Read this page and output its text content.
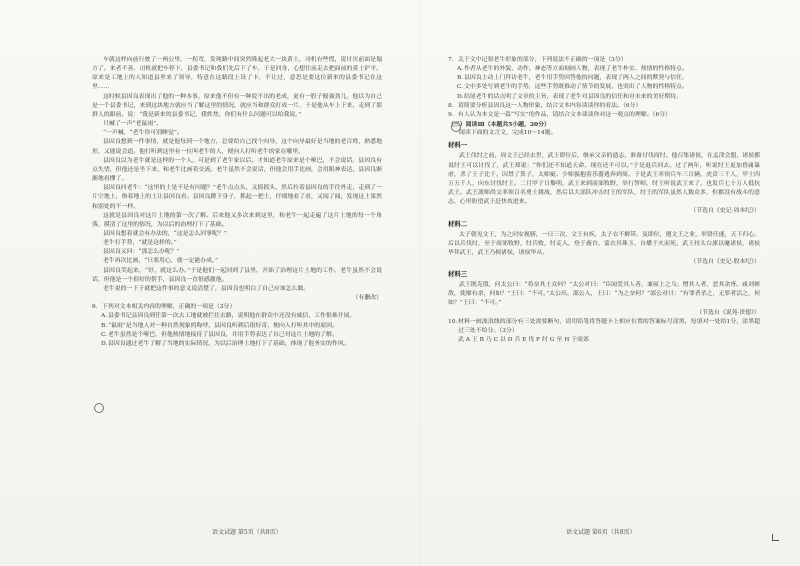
车就这样向前行驶了一两公里，一拐弯，发现路中间突然隆起老大一块黄土，司机有些慌，说讨厌前面是塌方了。来者不善，司机就把车停下，县委书记和我们先后下了车，于是回身，心想往前走去把面前的黄土铲平。原来是工地上的人知道县里来了领导，特意在这路段上设了卡，不让过，意思是要这位新来的县委书记在这里……

这时候县因良表现出了他的一种本事，原来他不但有一种说不出的老成，更有一股子倔强劲儿。他以为自己是一个县委书记，来到这块地方就应当了解这里的情况，就应当和群众打成一片，于是他从车上下来，走到了那群人的跟前，说：“我是新来的县委书记，我姓焦，你们有什么问题可以给我说。”

只喊了一声“老鼠雨”。

“一声喊，“老牛你可别睡觉”。

县因良想到一件事情，就是他每到一个地方，总要给自己找个向导，这个向导最好是当地的老百姓，熟悉地形，又能说会道。他打听到这里有一位叫老牛的人，便向人打听老牛的家在哪里。

县因良以为老牛就是这样的一个人，可是到了老牛家以后，才知道老牛原来是个哑巴，不会说话，县因良有点失望，但他还是坐下来，和老牛比画着交流。老牛虽然不会说话，但他会用手比画，会用眼神表达，县因良渐渐地看懂了。

县因良问老牛：“这里的土是不是有问题？”老牛点点头，又摇摇头，然后拉着县因良的手往外走，走到了一片空地上，指着地上的土让县因良看。县因良蹲下身子，抓起一把土，仔细地看了看，又闻了闻，发现这土果然和别处的不一样。

这就是县因良对这片土地的第一次了解。后来他又多次来到这里，和老牛一起走遍了这片土地的每一个角落，摸清了这里的情况，为以后的治理打下了基础。

县因良想着就会有办法的，“这是怎么回事呢？”

老牛打手势，“就是这样的。”

县因良又问：“那怎么办呢？”

老牛再次比画，“只要用心，就一定能办成。”

县因良笑起来，“好，就这么办。”于是他们一起回到了县里，开始了治理这片土地的工作。老牛虽然不会说话，但他是一个很好的帮手，县因良一直很感激他。

老牛说的一下子就把这件事的意义说清楚了，县因良也明白了自己应该怎么做。

（有删改）

6. 下列对文本相关内容的理解，正确的一项是（3分）

A. 县委书记县因良到任第一次去工地就被拦住去路，说明他在群众中还没有威信，工作很难开展。

B. “鼠雨”是当地人对一种自然现象的称呼，县因良听到后很好奇，便向人打听其中的原因。

C. 老牛虽然是个哑巴，但他热情地接待了县因良，并用手势表达了自己对这片土地的了解。

D. 县因良通过老牛了解了当地的实际情况，为以后治理土地打下了基础，体现了他务实的作风。

语文试题 第5页（共8页）

7. 关于文中记叙老牛形象的部分，下列说法不正确的一项是（3分）

A. 作者从老牛的外貌、动作、神态等方面刻画人物，表现了老牛朴实、热情的性格特点。

B. 县因良主动上门拜访老牛，老牛用手势回答他的问题，表现了两人之间的默契与信任。

C. 文中多处写到老牛的手势，这些手势既推动了情节的发展，也突出了人物的性格特点。

D. 结尾老牛的话点明了文章的主旨，表现了老牛对县因良的信任和对未来的美好期待。

8. 请简要分析县因良这一人物形象，结合文本内容谈谈你的看法。（6分）

9. 有人认为本文是一篇“写实”的作品，请结合文本谈谈你对这一观点的理解。（6分）

（三）阅读Ⅲ（本题共5小题，20分）

阅读下面的文言文，完成10～14题。

材料一

武王伐纣之前，周文王已经去世，武王即位后，继承父亲的遗志，准备讨伐商纣。他召集诸侯，在孟津会盟，诸侯都说纣王可以讨伐了，武王却说：“你们还不知道天命，现在还不可以。”于是退兵回去。过了两年，听说纣王更加昏庸暴虐，杀了王子比干，囚禁了箕子，太师疵、少师强抱着乐器逃奔到周。于是武王率领兵车三百辆，虎贲三千人，甲士四万五千人，向东讨伐纣王。二月甲子日黎明，武王来到商郊牧野，举行誓师，纣王听说武王来了，也发兵七十万人抵抗武王。武王派师尚父率领百名勇士挑战，然后以大部队冲击纣王的军队，纣王的军队虽然人数众多，但都没有战斗的意志，心里盼望武王赶快攻进来。

（节选自《史记·周本纪》）

材料二

太子朝见文王，为之问安视膳，一日三次，文王有疾，太子衣不解带。及即位，遵文王之业，举贤任能，天下归心。后以兵伐纣，至于商郊牧野，纣兵败，纣走入，登于鹿台，蒙衣其珠玉，自燔于火而死。武王持太白旗以麾诸侯，诸侯毕拜武王，武王乃揖诸侯，诸侯毕从。

（节选自《史记·殷本纪》）

材料三

武王既克殷，问太公曰：“将奈其士众何？”太公对曰：“臣闻爱其人者，兼屋上之乌；憎其人者，恶其余胥。咸刘厥敌，使靡有余，何如？”王曰：“不可。”太公出，邵公入，王曰：“为之奈何？”邵公对曰：“有罪者杀之，无罪者活之，何如？”王曰：“不可。”

（节选自《说苑·贵德》）

10. 材料一画波浪线的部分有三处需要断句，请用铅笔将答题卡上相应位置的答案标号涂黑，每填对一处给1分，涂黑超过三处不给分。（3分）

武 A 王 B 乃 C 以 D 兵 E 伐 F 纣 G 至 H 于商郊

语文试题 第6页（共8页）
